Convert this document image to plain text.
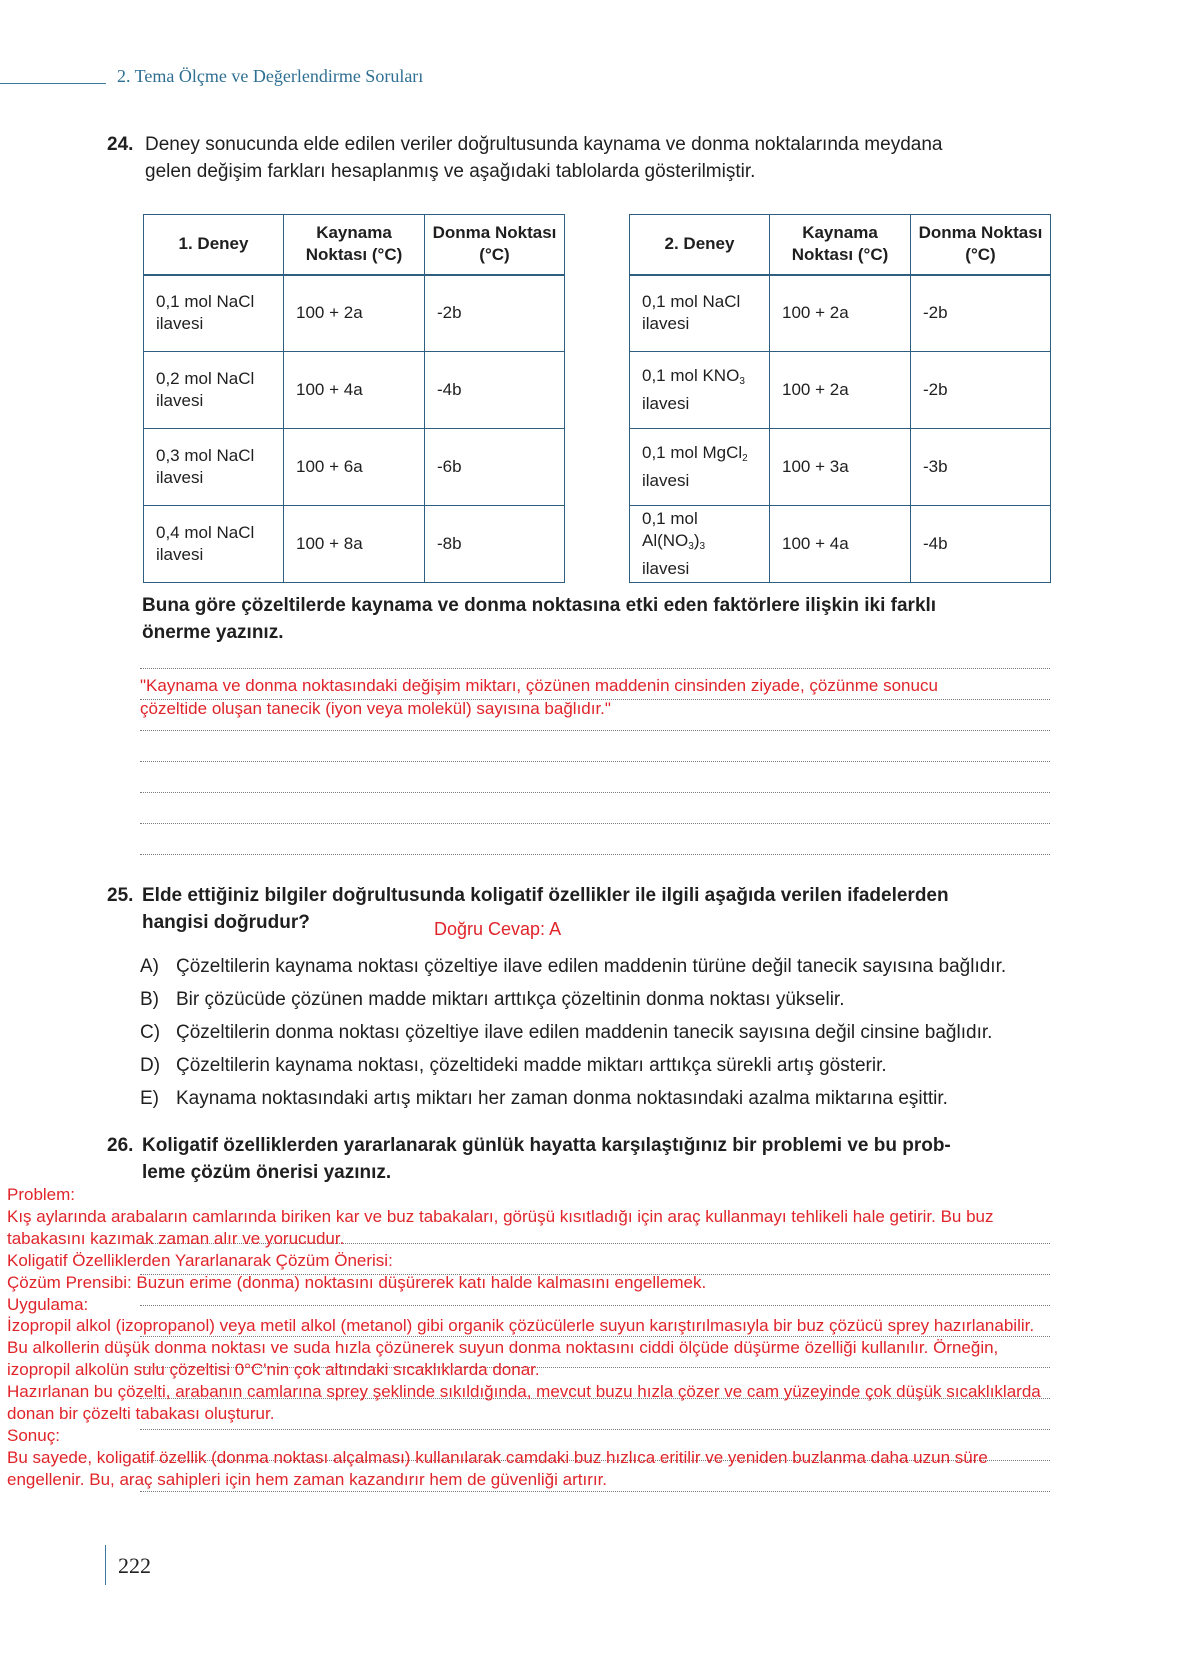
2. Tema Ölçme ve Değerlendirme Soruları
24. Deney sonucunda elde edilen veriler doğrultusunda kaynama ve donma noktalarında meydana
gelen değişim farkları hesaplanmış ve aşağıdaki tablolarda gösterilmiştir.
1. Deney	Kaynama Noktası (°C)	Donma Noktası (°C)

0,1 mol NaCl
ilavesi	100 + 2a	-2b

0,2 mol NaCl
ilavesi	100 + 4a	-4b

0,3 mol NaCl
ilavesi	100 + 6a	-6b

0,4 mol NaCl
ilavesi	100 + 8a	-8b
2. Deney	Kaynama Noktası (°C)	Donma Noktası (°C)

0,1 mol NaCl
ilavesi	100 + 2a	-2b

0,1 mol $KNO_3$
ilavesi	100 + 2a	-2b

0,1 mol MgCl$_2$
ilavesi	100 + 3a	-3b

0,1 mol
$Al(NO_3)_3$
ilavesi	100 + 4a	-4b
Buna göre çözeltilerde kaynama ve donma noktasına etki eden faktörlere ilişkin iki farklı
önerme yazınız.
"Kaynama ve donma noktasındaki değişim miktarı, çözünen maddenin cinsinden ziyade, çözünme sonucu
çözeltide oluşan tanecik (iyon veya molekül) sayısına bağlıdır."
25. Elde ettiğiniz bilgiler doğrultusunda koligatif özellikler ile ilgili aşağıda verilen ifadelerden
hangisi doğrudur?	Doğru Cevap: A
A) Çözeltilerin kaynama noktası çözeltiye ilave edilen maddenin türüne değil tanecik sayısına bağlıdır.
B) Bir çözücüde çözünen madde miktarı arttıkça çözeltinin donma noktası yükselir.
C) Çözeltilerin donma noktası çözeltiye ilave edilen maddenin tanecik sayısına değil cinsine bağlıdır.
D) Çözeltilerin kaynama noktası, çözeltideki madde miktarı arttıkça sürekli artış gösterir.
E) Kaynama noktasındaki artış miktarı her zaman donma noktasındaki azalma miktarına eşittir.
26. Koligatif özelliklerden yararlanarak günlük hayatta karşılaştığınız bir problemi ve bu prob-
leme çözüm önerisi yazınız.
Problem:
Kış aylarında arabaların camlarında biriken kar ve buz tabakaları, görüşü kısıtladığı için araç kullanmayı tehlikeli hale getirir. Bu buz
tabakasını kazımak zaman alır ve yorucudur.
Koligatif Özelliklerden Yararlanarak Çözüm Önerisi:
Çözüm Prensibi: Buzun erime (donma) noktasını düşürerek katı halde kalmasını engellemek.
Uygulama:
İzopropil alkol (izopropanol) veya metil alkol (metanol) gibi organik çözücülerle suyun karıştırılmasıyla bir buz çözücü sprey hazırlanabilir.
Bu alkollerin düşük donma noktası ve suda hızla çözünerek suyun donma noktasını ciddi ölçüde düşürme özelliği kullanılır. Örneğin,
izopropil alkolün sulu çözeltisi 0°C'nin çok altındaki sıcaklıklarda donar.
Hazırlanan bu çözelti, arabanın camlarına sprey şeklinde sıkıldığında, mevcut buzu hızla çözer ve cam yüzeyinde çok düşük sıcaklıklarda
donan bir çözelti tabakası oluşturur.
Sonuç:
Bu sayede, koligatif özellik (donma noktası alçalması) kullanılarak camdaki buz hızlıca eritilir ve yeniden buzlanma daha uzun süre
engellenir. Bu, araç sahipleri için hem zaman kazandırır hem de güvenliği artırır.
222
